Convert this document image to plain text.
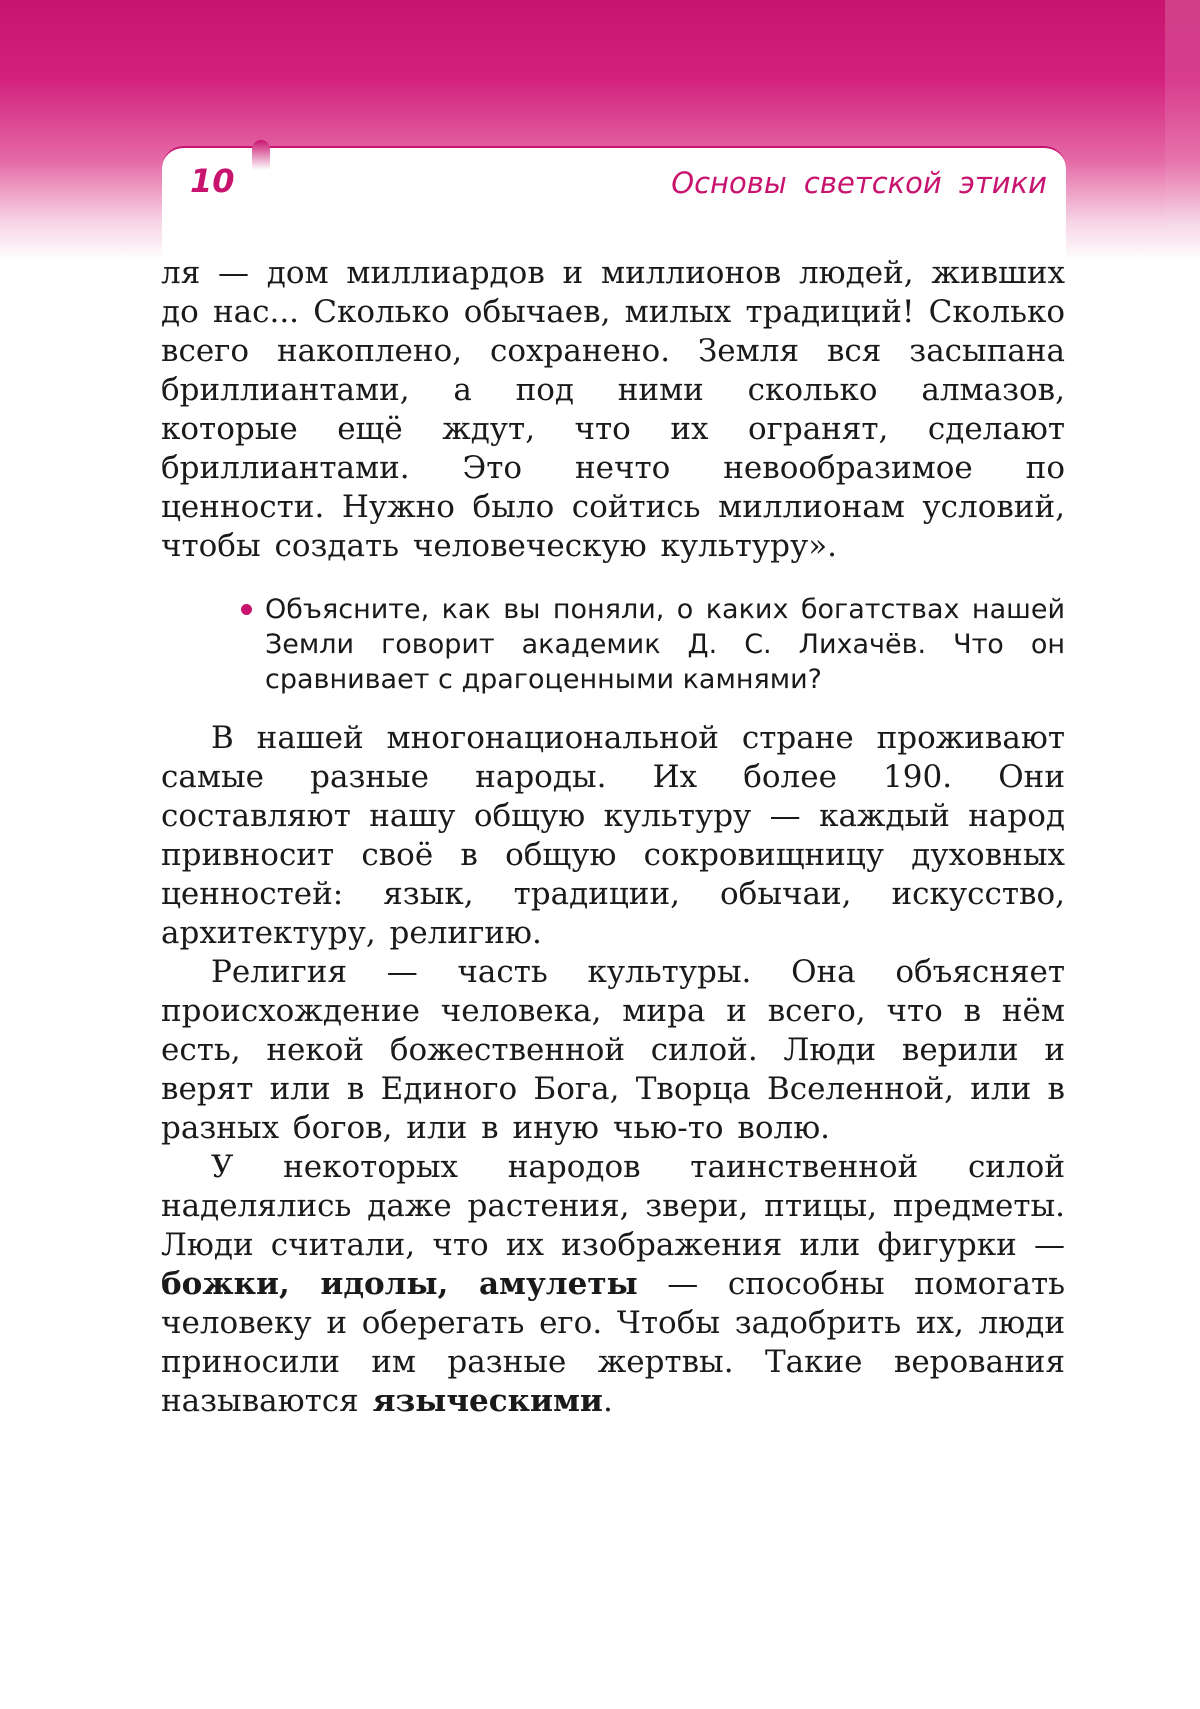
10	Основы светской этики

ля — дом миллиардов и миллионов людей, живших до нас... Сколько обычаев, милых традиций! Сколько всего накоплено, сохранено. Земля вся засыпана бриллиантами, а под ними сколько алмазов, которые ещё ждут, что их огранят, сделают бриллиантами. Это нечто невообразимое по ценности. Нужно было сойтись миллионам условий, чтобы создать человеческую культуру».

Объясните, как вы поняли, о каких богатствах нашей Земли говорит академик Д. С. Лихачёв. Что он сравнивает с драгоценными камнями?

В нашей многонациональной стране проживают самые разные народы. Их более 190. Они составляют нашу общую культуру — каждый народ привносит своё в общую сокровищницу духовных ценностей: язык, традиции, обычаи, искусство, архитектуру, религию.

Религия — часть культуры. Она объясняет происхождение человека, мира и всего, что в нём есть, некой божественной силой. Люди верили и верят или в Единого Бога, Творца Вселенной, или в разных богов, или в иную чью-то волю.

У некоторых народов таинственной силой наделялись даже растения, звери, птицы, предметы. Люди считали, что их изображения или фигурки — божки, идолы, амулеты — способны помогать человеку и оберегать его. Чтобы задобрить их, люди приносили им разные жертвы. Такие верования называются языческими.
